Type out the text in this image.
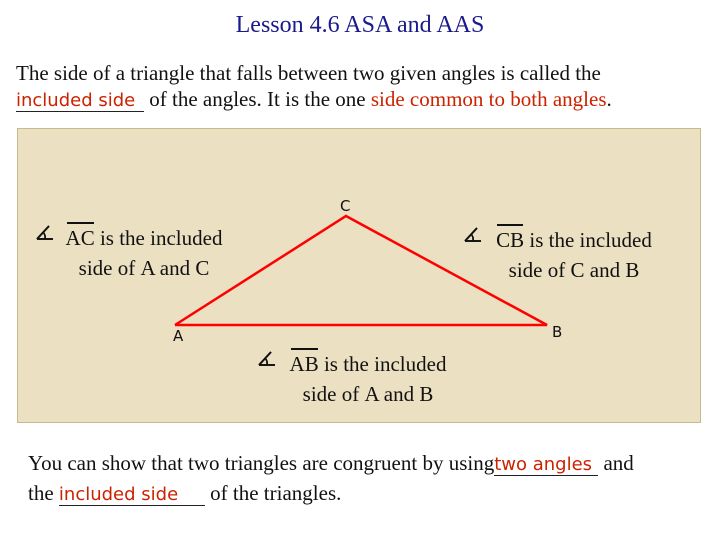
Lesson 4.6 ASA and AAS
The side of a triangle that falls between two given angles is called the
included side of the angles. It is the one side common to both angles.
C
A	B
AC is the included
side of A and C
CB is the included
side of C and B
AB is the included
side of A and B
You can show that two triangles are congruent by usingtwo angles and
the included side of the triangles.
